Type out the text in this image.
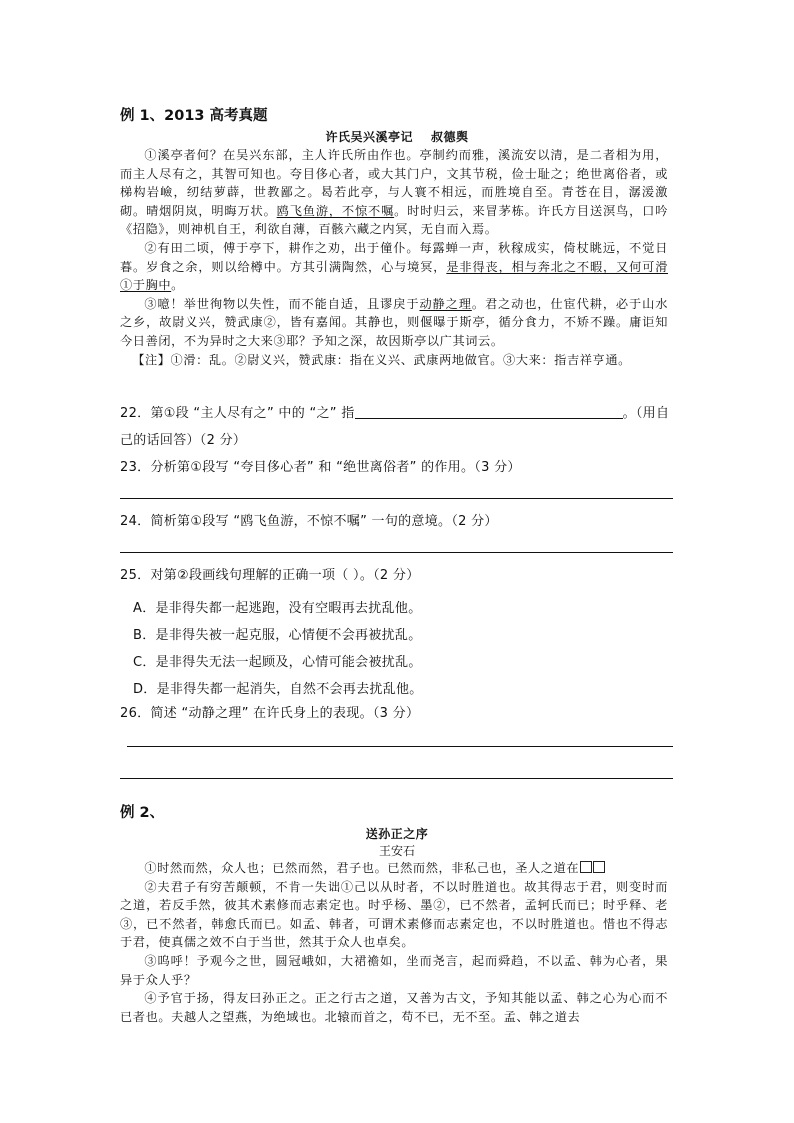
例 1、2013 高考真题
许氏吴兴溪亭记 叔德舆

①溪亭者何？在吴兴东部，主人许氏所由作也。亭制约而雅，溪流安以清，是二者相为用，而主人尽有之，其智可知也。夸目侈心者，或大其门户，文其节税，俭士耻之；绝世离俗者，或梯构岩嶮，纫结萝薜，世教鄙之。曷若此亭，与人寰不相远，而胜境自至。青苍在目，潺湲激砌。晴烟阴岚，明晦万状。鸥飞鱼游，不惊不嘱。时时归云，来冒茅栋。许氏方目送溟鸟，口吟《招隐》，则神机自王，利欲自薄，百骸六藏之内冥，无自而入焉。

②有田二顷，傅于亭下，耕作之劝，出于僮仆。每露蝉一声，秋稼成实，倚杖眺远，不觉日暮。岁食之余，则以给樽中。方其引满陶然，心与境冥，是非得丧，相与奔北之不暇，又何可滑①于胸中。

③噫！举世徇物以失性，而不能自适，且谬戾于动静之理。君之动也，仕宦代耕，必于山水之乡，故尉义兴，赞武康②，皆有嘉闻。其静也，则偃曝于斯亭，循分食力，不矫不躁。庸讵知今日善闭，不为异时之大来③耶？予知之深，故因斯亭以广其词云。

【注】①滑：乱。②尉义兴，赞武康：指在义兴、武康两地做官。③大来：指吉祥亨通。

22．第①段 “主人尽有之” 中的 “之” 指	。（用自己的话回答）（2 分）
23．分析第①段写 “夸目侈心者” 和 “绝世离俗者” 的作用。（3 分）
24．简析第①段写 “鸥飞鱼游，不惊不嘱” 一句的意境。（2 分）
25．对第②段画线句理解的正确一项（ ）。（2 分）
A．是非得失都一起逃跑，没有空暇再去扰乱他。
B．是非得失被一起克服，心情便不会再被扰乱。
C．是非得失无法一起顾及，心情可能会被扰乱。
D．是非得失都一起消失，自然不会再去扰乱他。
26．简述 “动静之理” 在许氏身上的表现。（3 分）
例 2、
送孙正之序
王安石

①时然而然，众人也；已然而然，君子也。已然而然，非私己也，圣人之道在

②夫君子有穷苦颠顿，不肯一失诎①己以从时者，不以时胜道也。故其得志于君，则变时而之道，若反手然，彼其术素修而志素定也。时乎杨、墨②，已不然者，孟轲氏而已；时乎释、老③，已不然者，韩愈氏而已。如孟、韩者，可谓术素修而志素定也，不以时胜道也。惜也不得志于君，使真儒之效不白于当世，然其于众人也卓矣。

③呜呼！予观今之世，圆冠峨如，大裙襜如，坐而尧言，起而舜趋，不以孟、韩为心者，果异于众人乎？

④予官于扬，得友曰孙正之。正之行古之道，又善为古文，予知其能以孟、韩之心为心而不已者也。夫越人之望燕，为绝域也。北辕而首之，苟不已，无不至。孟、韩之道去
